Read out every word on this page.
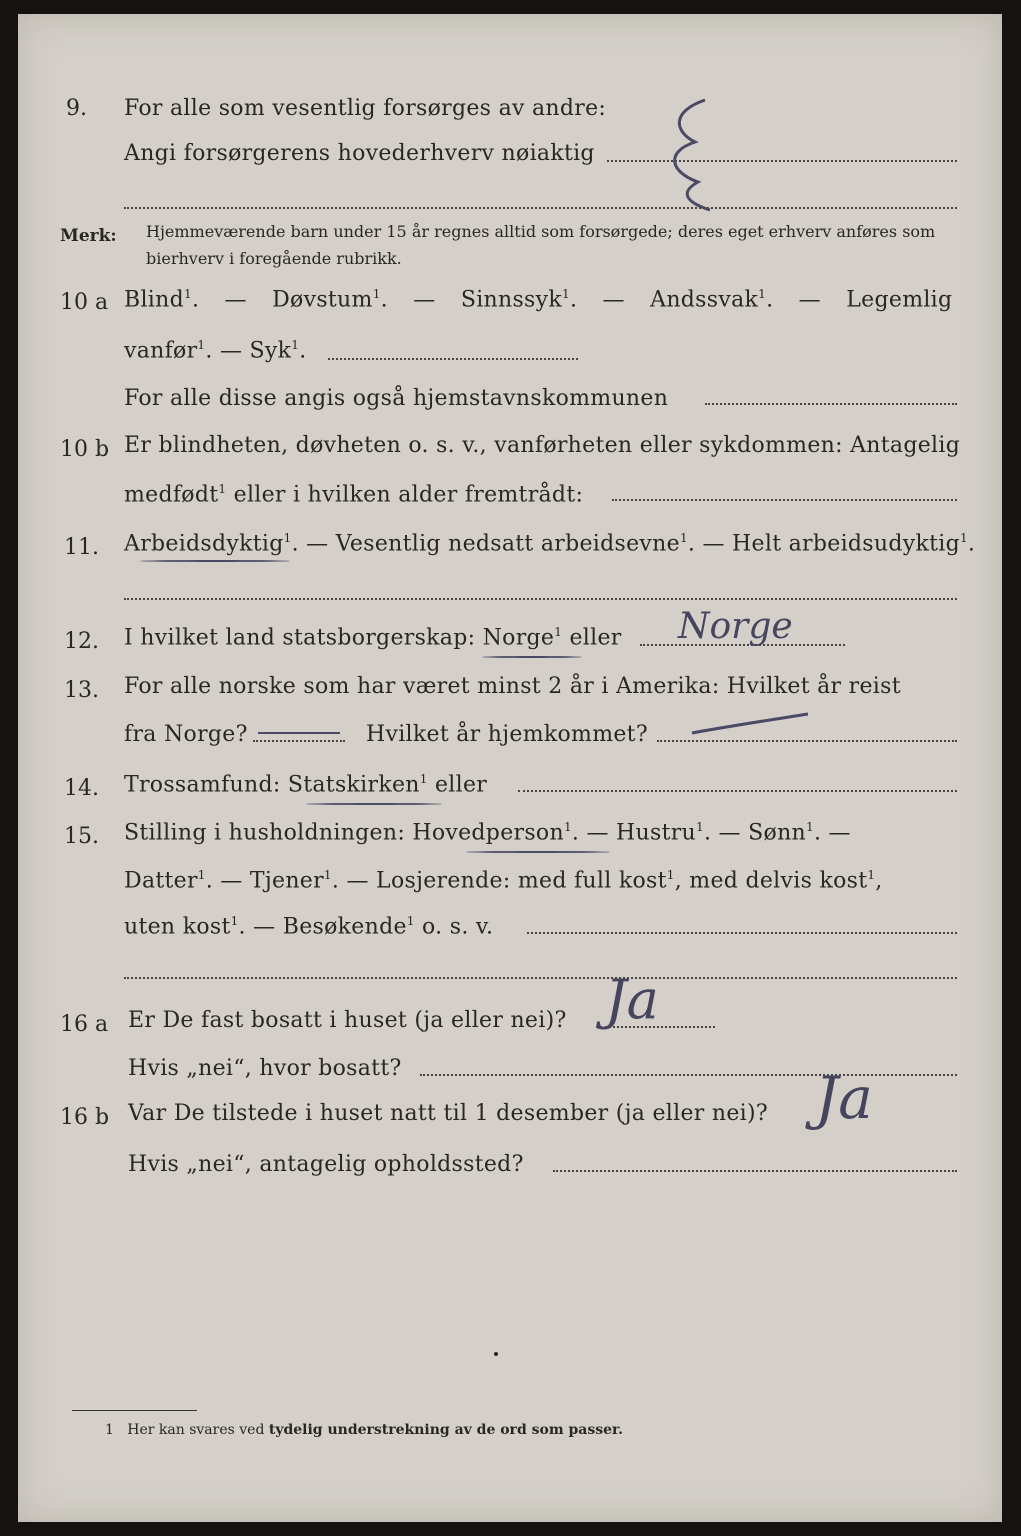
9. For alle som vesentlig forsørges av andre:
Angi forsørgerens hovederhverv nøiaktig
Merk: Hjemmeværende barn under 15 år regnes alltid som forsørgede; deres eget erhverv anføres som bierhverv i foregående rubrikk.
10 a Blind$^1$. — Døvstum$^1$. — Sinnssyk$^1$. — Andssvak$^1$. — Legemlig
vanfør$^1$. — Syk$^1$.
For alle disse angis også hjemstavnskommunen
10 b Er blindheten, døvheten o. s. v., vanførheten eller sykdommen: Antagelig
medfødt$^1$ eller i hvilken alder fremtrådt:
11. Arbeidsdyktig$^1$. — Vesentlig nedsatt arbeidsevne$^1$. — Helt arbeidsudyktig$^1$.
12. I hvilket land statsborgerskap: Norge$^1$ eller Norge
13. For alle norske som har været minst 2 år i Amerika: Hvilket år reist
fra Norge?	Hvilket år hjemkommet?
14. Trossamfund: Statskirken$^1$ eller
15. Stilling i husholdningen: Hovedperson$^1$. — Hustru$^1$. — Sønn$^1$. —
Datter$^1$. — Tjener$^1$. — Losjerende: med full kost$^1$, med delvis kost$^1$,
uten kost$^1$. — Besøkende$^1$ o. s. v.
16 a Er De fast bosatt i huset (ja eller nei)? Ja
Hvis „nei“, hvor bosatt?
16 b Var De tilstede i huset natt til 1 desember (ja eller nei)? Ja
Hvis „nei“, antagelig opholdssted?
1 Her kan svares ved tydelig understrekning av de ord som passer.
